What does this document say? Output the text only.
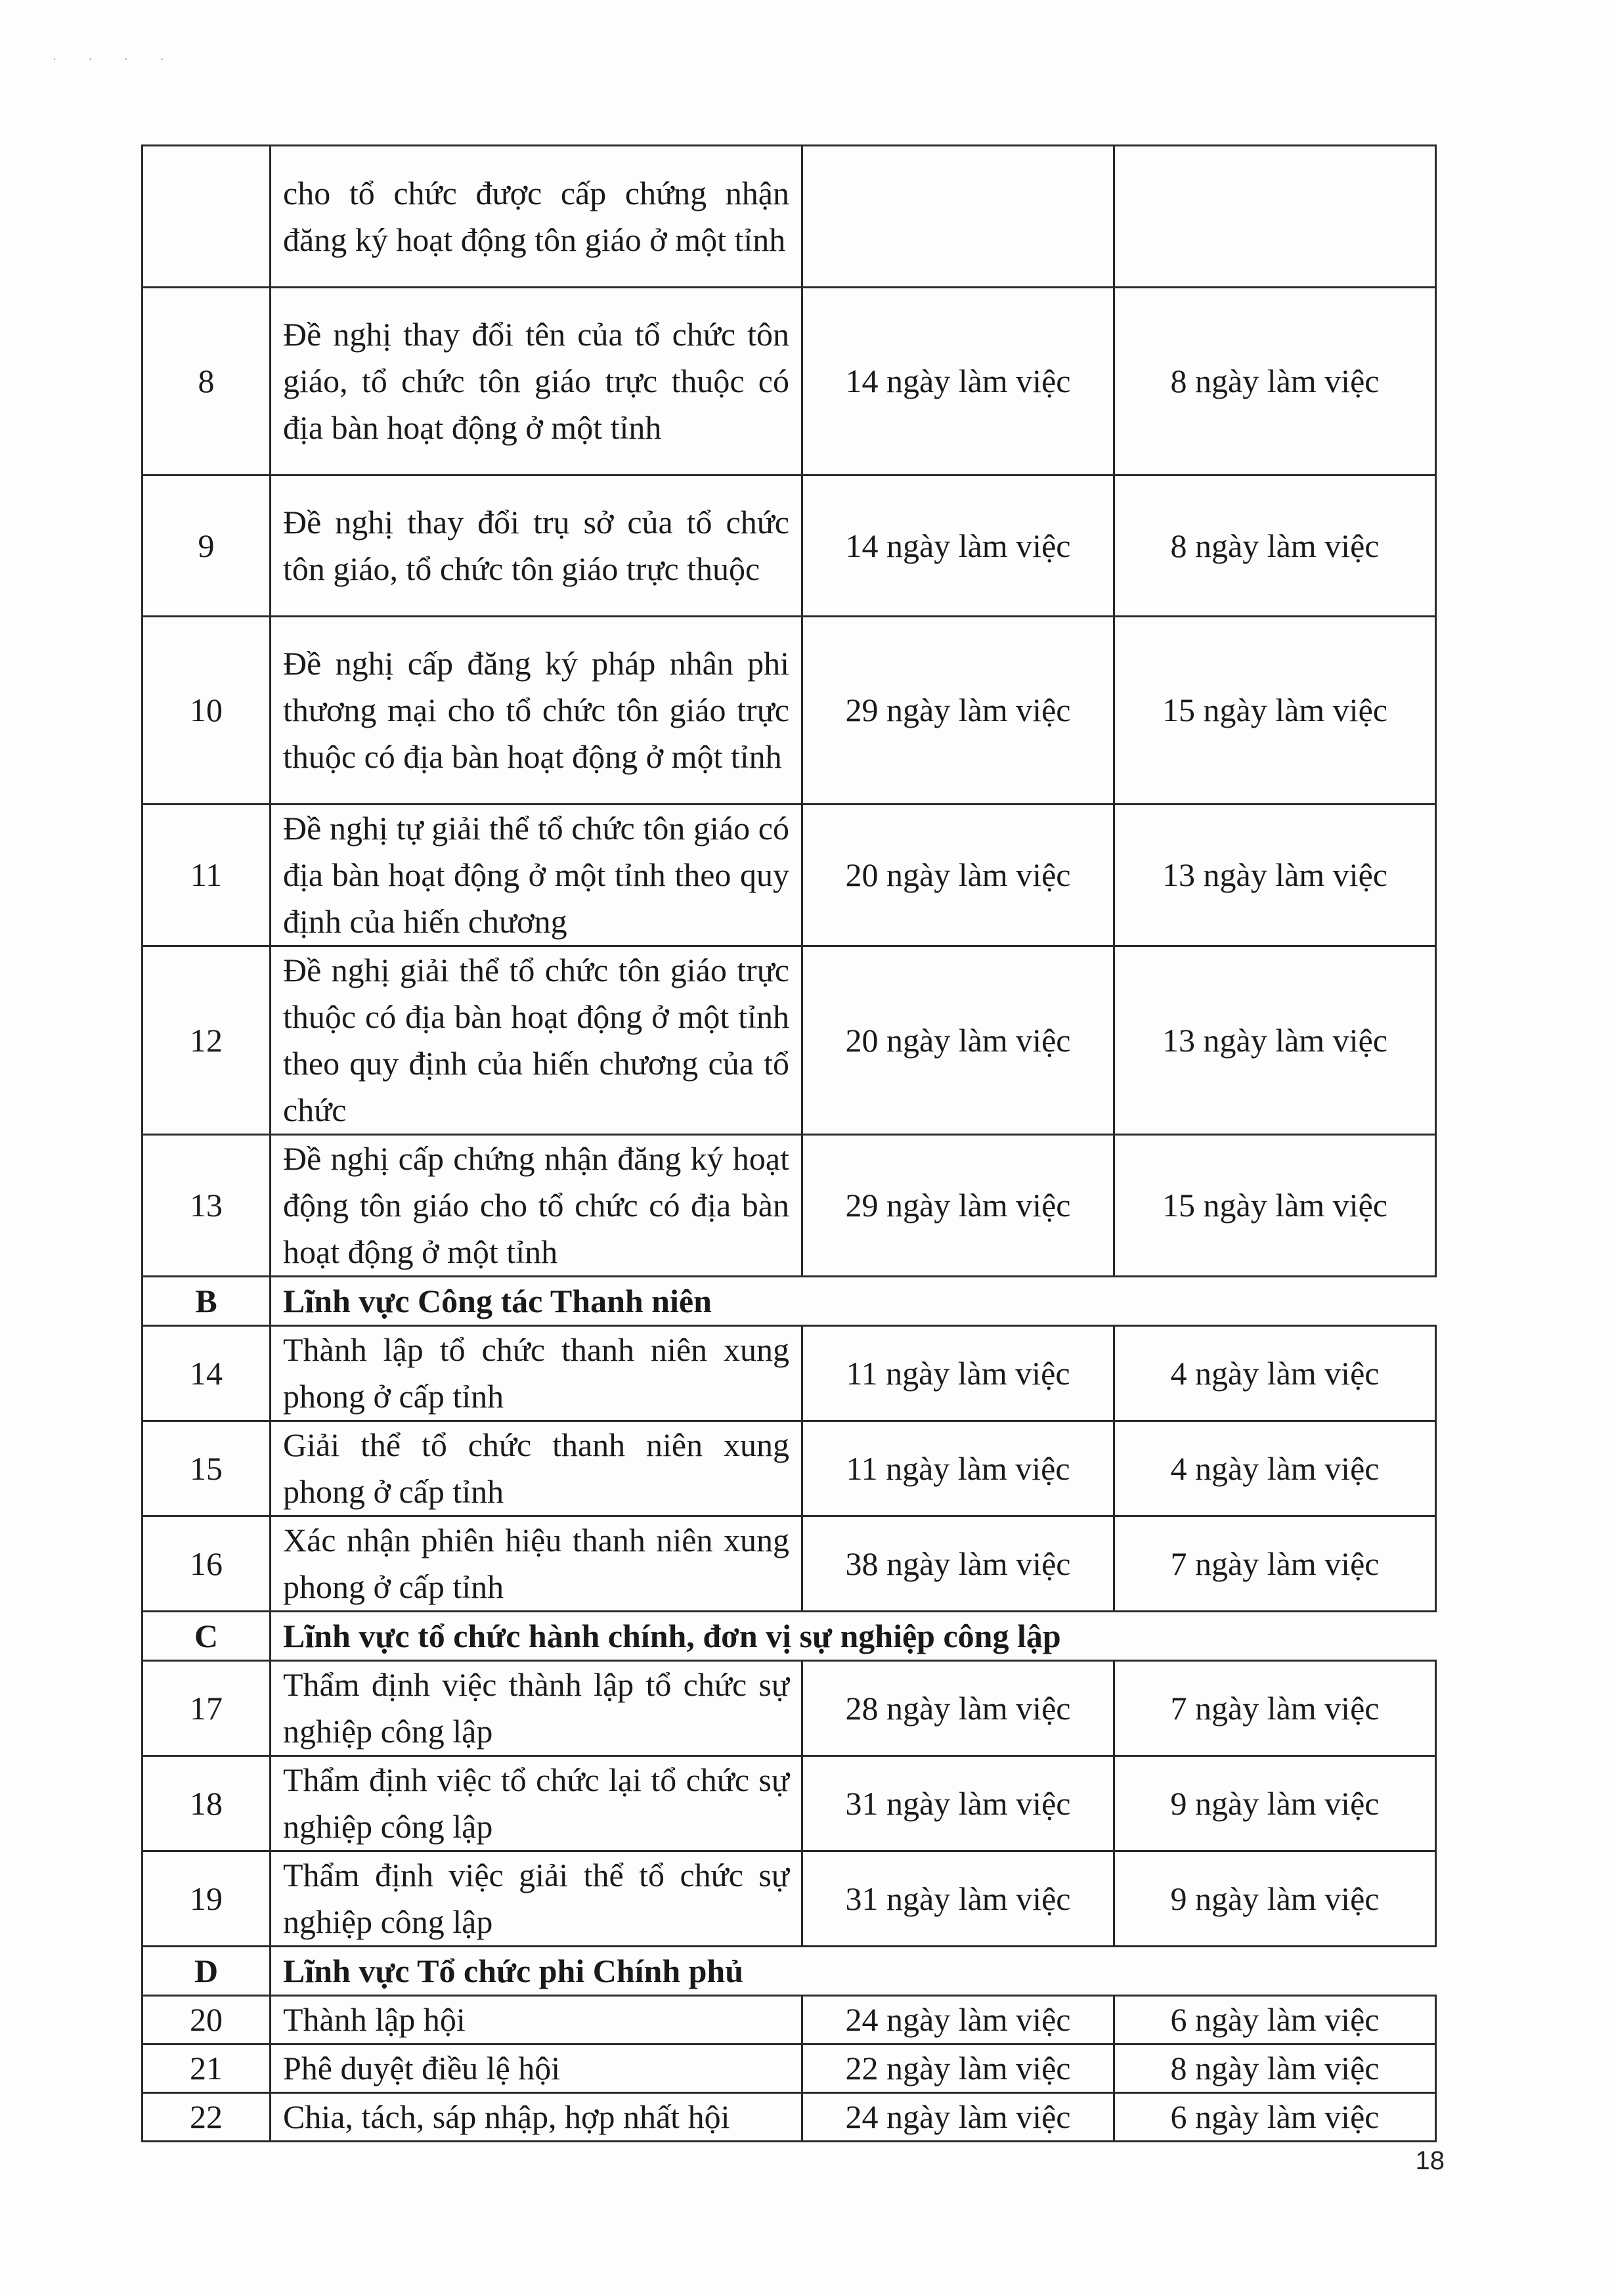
· · · ·
	cho tổ chức được cấp chứng nhận đăng ký hoạt động tôn giáo ở một tỉnh		
8	Đề nghị thay đổi tên của tổ chức tôn giáo, tổ chức tôn giáo trực thuộc có địa bàn hoạt động ở một tỉnh	14 ngày làm việc	8 ngày làm việc
9	Đề nghị thay đổi trụ sở của tổ chức tôn giáo, tổ chức tôn giáo trực thuộc	14 ngày làm việc	8 ngày làm việc
10	Đề nghị cấp đăng ký pháp nhân phi thương mại cho tổ chức tôn giáo trực thuộc có địa bàn hoạt động ở một tỉnh	29 ngày làm việc	15 ngày làm việc
11	Đề nghị tự giải thể tổ chức tôn giáo có địa bàn hoạt động ở một tỉnh theo quy định của hiến chương	20 ngày làm việc	13 ngày làm việc
12	Đề nghị giải thể tổ chức tôn giáo trực thuộc có địa bàn hoạt động ở một tỉnh theo quy định của hiến chương của tổ chức	20 ngày làm việc	13 ngày làm việc
13	Đề nghị cấp chứng nhận đăng ký hoạt động tôn giáo cho tổ chức có địa bàn hoạt động ở một tỉnh	29 ngày làm việc	15 ngày làm việc
B	Lĩnh vực Công tác Thanh niên		
14	Thành lập tổ chức thanh niên xung phong ở cấp tỉnh	11 ngày làm việc	4 ngày làm việc
15	Giải thể tổ chức thanh niên xung phong ở cấp tỉnh	11 ngày làm việc	4 ngày làm việc
16	Xác nhận phiên hiệu thanh niên xung phong ở cấp tỉnh	38 ngày làm việc	7 ngày làm việc
C	Lĩnh vực tổ chức hành chính, đơn vị sự nghiệp công lập		
17	Thẩm định việc thành lập tổ chức sự nghiệp công lập	28 ngày làm việc	7 ngày làm việc
18	Thẩm định việc tổ chức lại tổ chức sự nghiệp công lập	31 ngày làm việc	9 ngày làm việc
19	Thẩm định việc giải thể tổ chức sự nghiệp công lập	31 ngày làm việc	9 ngày làm việc
D	Lĩnh vực Tổ chức phi Chính phủ		
20	Thành lập hội	24 ngày làm việc	6 ngày làm việc
21	Phê duyệt điều lệ hội	22 ngày làm việc	8 ngày làm việc
22	Chia, tách, sáp nhập, hợp nhất hội	24 ngày làm việc	6 ngày làm việc
18
